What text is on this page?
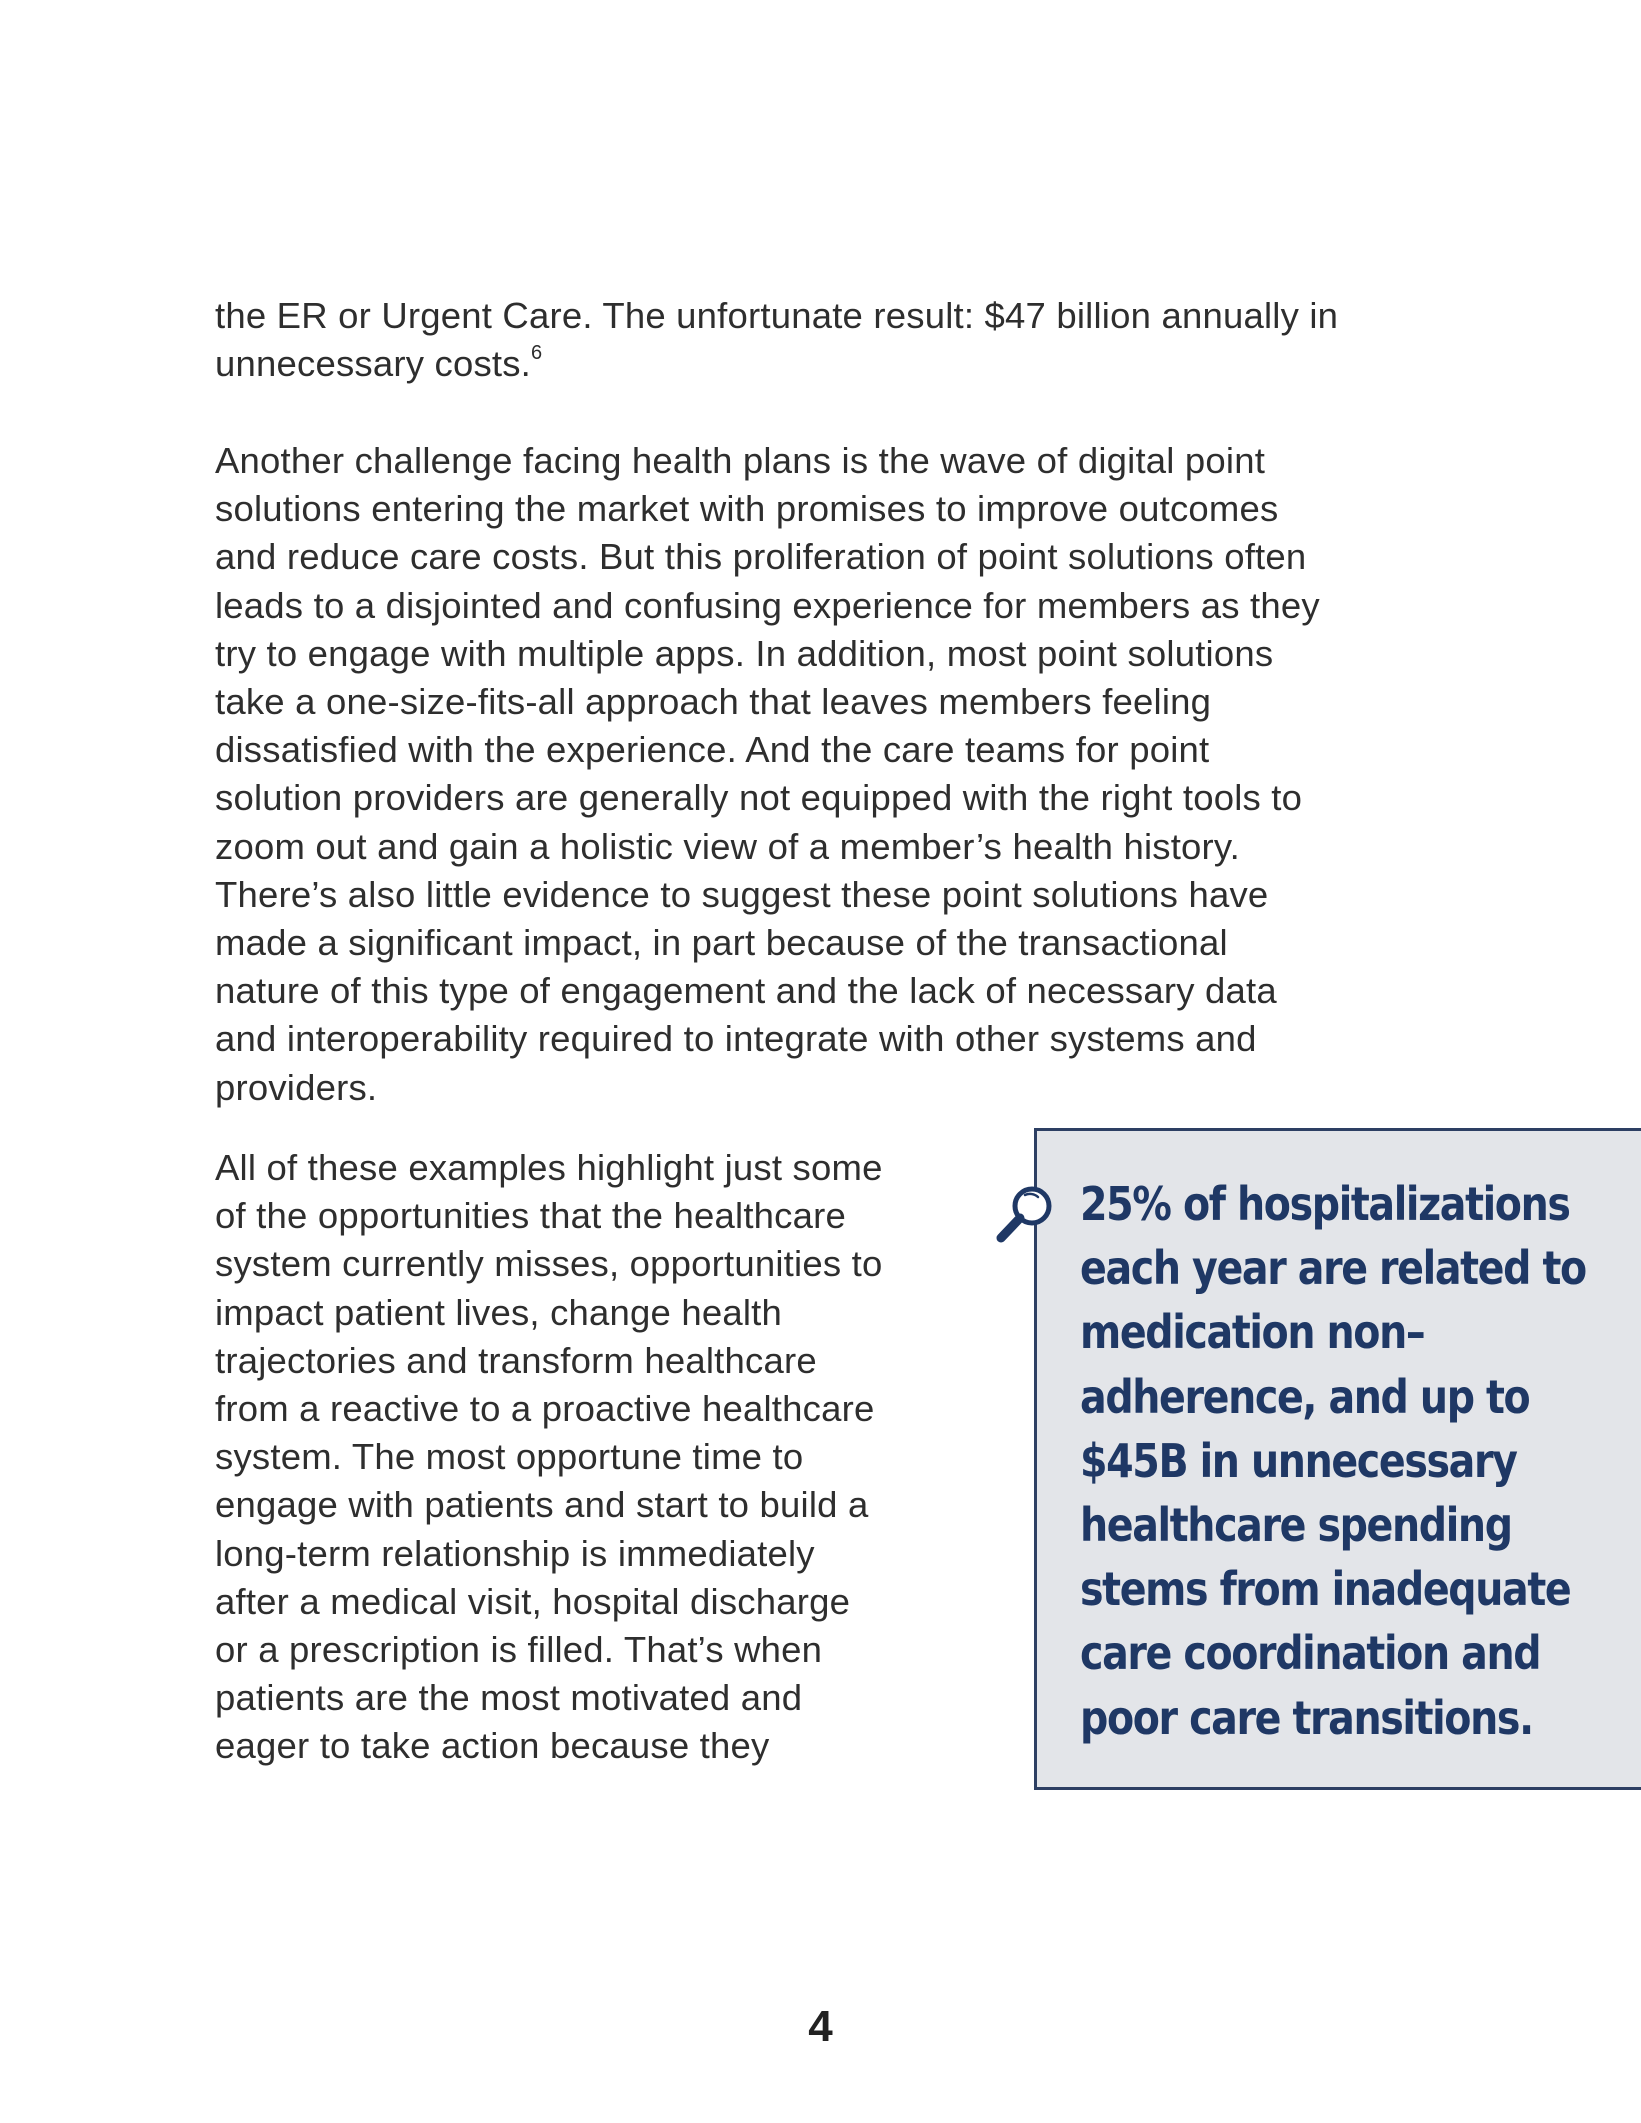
the ER or Urgent Care. The unfortunate result: $47 billion annually in
unnecessary costs.$^6$

Another challenge facing health plans is the wave of digital point
solutions entering the market with promises to improve outcomes
and reduce care costs. But this proliferation of point solutions often
leads to a disjointed and confusing experience for members as they
try to engage with multiple apps. In addition, most point solutions
take a one-size-fits-all approach that leaves members feeling
dissatisfied with the experience. And the care teams for point
solution providers are generally not equipped with the right tools to
zoom out and gain a holistic view of a member’s health history.
There’s also little evidence to suggest these point solutions have
made a significant impact, in part because of the transactional
nature of this type of engagement and the lack of necessary data
and interoperability required to integrate with other systems and
providers.

All of these examples highlight just some
of the opportunities that the healthcare
system currently misses, opportunities to
impact patient lives, change health
trajectories and transform healthcare
from a reactive to a proactive healthcare
system. The most opportune time to
engage with patients and start to build a
long-term relationship is immediately
after a medical visit, hospital discharge
or a prescription is filled. That’s when
patients are the most motivated and
eager to take action because they

25% of hospitalizations
each year are related to
medication non–
adherence, and up to
$45B in unnecessary
healthcare spending
stems from inadequate
care coordination and
poor care transitions.

4
